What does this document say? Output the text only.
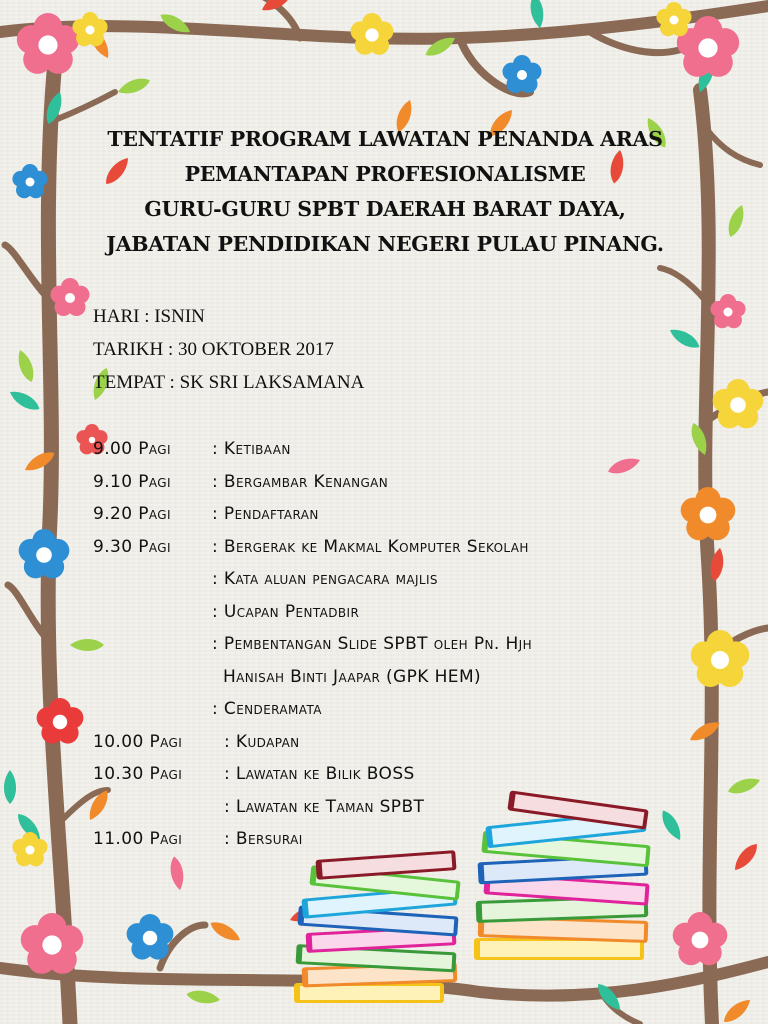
TENTATIF PROGRAM LAWATAN PENANDA ARAS
PEMANTAPAN PROFESIONALISME
GURU-GURU SPBT DAERAH BARAT DAYA,
JABATAN PENDIDIKAN NEGERI PULAU PINANG.
HARI : ISNIN
TARIKH : 30 OKTOBER 2017
TEMPAT : SK SRI LAKSAMANA
9.00 Pagi : Ketibaan
9.10 Pagi : Bergambar Kenangan
9.20 Pagi : Pendaftaran
9.30 Pagi : Bergerak ke Makmal Komputer Sekolah
: Kata aluan pengacara majlis
: Ucapan Pentadbir
: Pembentangan Slide SPBT oleh Pn. Hjh
Hanisah Binti Jaapar (GPK HEM)
: Cenderamata
10.00 Pagi : Kudapan
10.30 Pagi : Lawatan ke Bilik BOSS
: Lawatan ke Taman SPBT
11.00 Pagi : Bersurai
